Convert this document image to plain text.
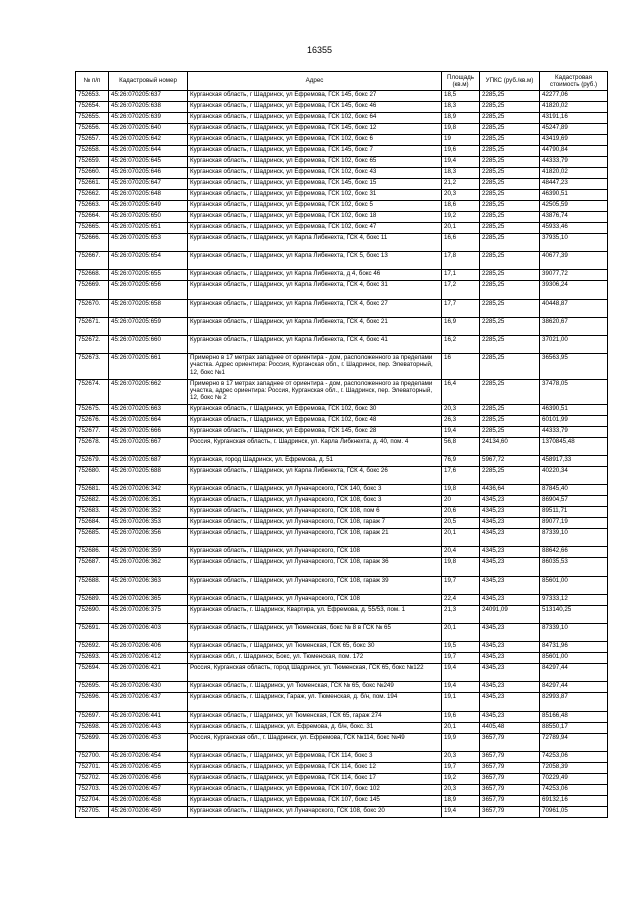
16355
№ п/п	Кадастровый номер	Адрес	Площадь (кв.м)	УПКС (руб./кв.м)	Кадастровая стоимость (руб.)
752653.	45:26:070205:637	Курганская область, г Шадринск, ул Ефремова, ГСК 145, бокс 27	18,5	2285,25	42277,06
752654.	45:26:070205:638	Курганская область, г Шадринск, ул Ефремова, ГСК 145, бокс 46	18,3	2285,25	41820,02
752655.	45:26:070205:639	Курганская область, г Шадринск, ул Ефремова, ГСК 102, бокс 64	18,9	2285,25	43191,16
752656.	45:26:070205:640	Курганская область, г Шадринск, ул Ефремова, ГСК 145, бокс 12	19,8	2285,25	45247,89
752657.	45:26:070205:642	Курганская область, г Шадринск, ул Ефремова, ГСК 102, бокс 6	19	2285,25	43419,69
752658.	45:26:070205:644	Курганская область, г Шадринск, ул Ефремова, ГСК 145, бокс 7	19,6	2285,25	44790,84
752659.	45:26:070205:645	Курганская область, г Шадринск, ул Ефремова, ГСК 102, бокс 65	19,4	2285,25	44333,79
752660.	45:26:070205:646	Курганская область, г Шадринск, ул Ефремова, ГСК 102, бокс 43	18,3	2285,25	41820,02
752661.	45:26:070205:647	Курганская область, г Шадринск, ул Ефремова, ГСК 145, бокс 15	21,2	2285,25	48447,23
752662.	45:26:070205:648	Курганская область, г Шадринск, ул Ефремова, ГСК 102, бокс 31	20,3	2285,25	46390,51
752663.	45:26:070205:649	Курганская область, г Шадринск, ул Ефремова, ГСК 102, бокс 5	18,6	2285,25	42505,59
752664.	45:26:070205:650	Курганская область, г Шадринск, ул Ефремова, ГСК 102, бокс 18	19,2	2285,25	43876,74
752665.	45:26:070205:651	Курганская область, г Шадринск, ул Ефремова, ГСК 102, бокс 47	20,1	2285,25	45933,46
752666.	45:26:070205:653	Курганская область, г Шадринск, ул Карла Либкнехта, ГСК 4, бокс 11	16,6	2285,25	37935,10
752667.	45:26:070205:654	Курганская область, г Шадринск, ул Карла Либкнехта, ГСК 5, бокс 13	17,8	2285,25	40677,39
752668.	45:26:070205:655	Курганская область, г Шадринск, ул Карла Либкнехта, д 4, бокс 46	17,1	2285,25	39077,72
752669.	45:26:070205:656	Курганская область, г Шадринск, ул Карла Либкнехта, ГСК 4, бокс 31	17,2	2285,25	39306,24
752670.	45:26:070205:658	Курганская область, г Шадринск, ул Карла Либкнехта, ГСК 4, бокс 27	17,7	2285,25	40448,87
752671.	45:26:070205:659	Курганская область, г Шадринск, ул Карла Либкнехта, ГСК 4, бокс 21	16,9	2285,25	38620,67
752672.	45:26:070205:660	Курганская область, г Шадринск, ул Карла Либкнехта, ГСК 4, бокс 41	16,2	2285,25	37021,00
752673.	45:26:070205:661	Примерно в 17 метрах западнее от ориентира - дом, расположенного за пределами участка. Адрес ориентира: Россия, Курганская обл., г. Шадринск, пер. Элеваторный, 12, бокс №1	16	2285,25	36563,95
752674.	45:26:070205:662	Примерно в 17 метрах западнее от ориентира - дом, расположенного за пределами участка, адрес ориентира: Россия, Курганская обл., г. Шадринск, пер. Элеваторный, 12, бокс № 2	16,4	2285,25	37478,05
752675.	45:26:070205:663	Курганская область, г Шадринск, ул Ефремова, ГСК 102, бокс 30	20,3	2285,25	46390,51
752676.	45:26:070205:664	Курганская область, г Шадринск, ул Ефремова, ГСК 102, бокс 48	26,3	2285,25	60101,99
752677.	45:26:070205:666	Курганская область, г Шадринск, ул Ефремова, ГСК 145, бокс 28	19,4	2285,25	44333,79
752678.	45:26:070205:667	Россия, Курганская область, г. Шадринск, ул. Карла Либкнехта, д. 40, пом. 4	56,8	24134,60	1370845,48
752679.	45:26:070205:687	Курганская, город Шадринск, ул. Ефремова, д. 51	76,9	5967,72	458917,33
752680.	45:26:070205:688	Курганская область, г Шадринск, ул Карла Либкнехта, ГСК 4, бокс 26	17,6	2285,25	40220,34
752681.	45:26:070206:342	Курганская область, г Шадринск, ул Луначарского, ГСК 140, бокс 3	19,8	4436,64	87845,40
752682.	45:26:070206:351	Курганская область, г Шадринск, ул Луначарского, ГСК 108, бокс 3	20	4345,23	86904,57
752683.	45:26:070206:352	Курганская область, г Шадринск, ул Луначарского, ГСК 108, пом 6	20,6	4345,23	89511,71
752684.	45:26:070206:353	Курганская область, г Шадринск, ул Луначарского, ГСК 108, гараж 7	20,5	4345,23	89077,19
752685.	45:26:070206:356	Курганская область, г Шадринск, ул Луначарского, ГСК 108, гараж 21	20,1	4345,23	87339,10
752686.	45:26:070206:359	Курганская область, г Шадринск, ул Луначарского, ГСК 108	20,4	4345,23	88642,66
752687.	45:26:070206:362	Курганская область, г Шадринск, ул Луначарского, ГСК 108, гараж 36	19,8	4345,23	86035,53
752688.	45:26:070206:363	Курганская область, г Шадринск, ул Луначарского, ГСК 108, гараж 39	19,7	4345,23	85601,00
752689.	45:26:070206:365	Курганская область, г Шадринск, ул Луначарского, ГСК 108	22,4	4345,23	97333,12
752690.	45:26:070206:375	Курганская область, г. Шадринск, Квартира, ул. Ефремова, д. 55/53, пом. 1	21,3	24091,09	513140,25
752691.	45:26:070206:403	Курганская область, г Шадринск, ул Тюменская, бокс № 8 в ГСК № 65	20,1	4345,23	87339,10
752692.	45:26:070206:406	Курганская область, г Шадринск, ул Тюменская, ГСК 65, бокс 30	19,5	4345,23	84731,96
752693.	45:26:070206:412	Курганская обл., г. Шадринск, Бокс, ул. Тюменская, пом. 172	19,7	4345,23	85601,00
752694.	45:26:070206:421	Россия, Курганская область, город Шадринск, ул. Тюменская, ГСК 65, бокс №122	19,4	4345,23	84297,44
752695.	45:26:070206:430	Курганская область, г. Шадринск, ул Тюменская, ГСК № 65, бокс №249	19,4	4345,23	84297,44
752696.	45:26:070206:437	Курганская область, г. Шадринск, Гараж, ул. Тюменская, д. б/н, пом. 194	19,1	4345,23	82993,87
752697.	45:26:070206:441	Курганская область, г Шадринск, ул Тюменская, ГСК 65, гараж 274	19,6	4345,23	85166,48
752698.	45:26:070206:443	Курганская область, г. Шадринск, ул. Ефремова, д. б/н, бокс. 31	20,1	4405,48	88550,17
752699.	45:26:070206:453	Россия, Курганская обл., г. Шадринск, ул. Ефремова, ГСК №114, бокс №49	19,9	3657,79	72789,94
752700.	45:26:070206:454	Курганская область, г Шадринск, ул Ефремова, ГСК 114, бокс 3	20,3	3657,79	74253,06
752701.	45:26:070206:455	Курганская область, г Шадринск, ул Ефремова, ГСК 114, бокс 12	19,7	3657,79	72058,39
752702.	45:26:070206:456	Курганская область, г Шадринск, ул Ефремова, ГСК 114, бокс 17	19,2	3657,79	70229,49
752703.	45:26:070206:457	Курганская область, г Шадринск, ул Ефремова, ГСК 107, бокс 102	20,3	3657,79	74253,06
752704.	45:26:070206:458	Курганская область, г Шадринск, ул Ефремова, ГСК 107, бокс 145	18,9	3657,79	69132,16
752705.	45:26:070206:459	Курганская область, г Шадринск, ул Луначарского, ГСК 108, бокс 20	19,4	3657,79	70961,05
